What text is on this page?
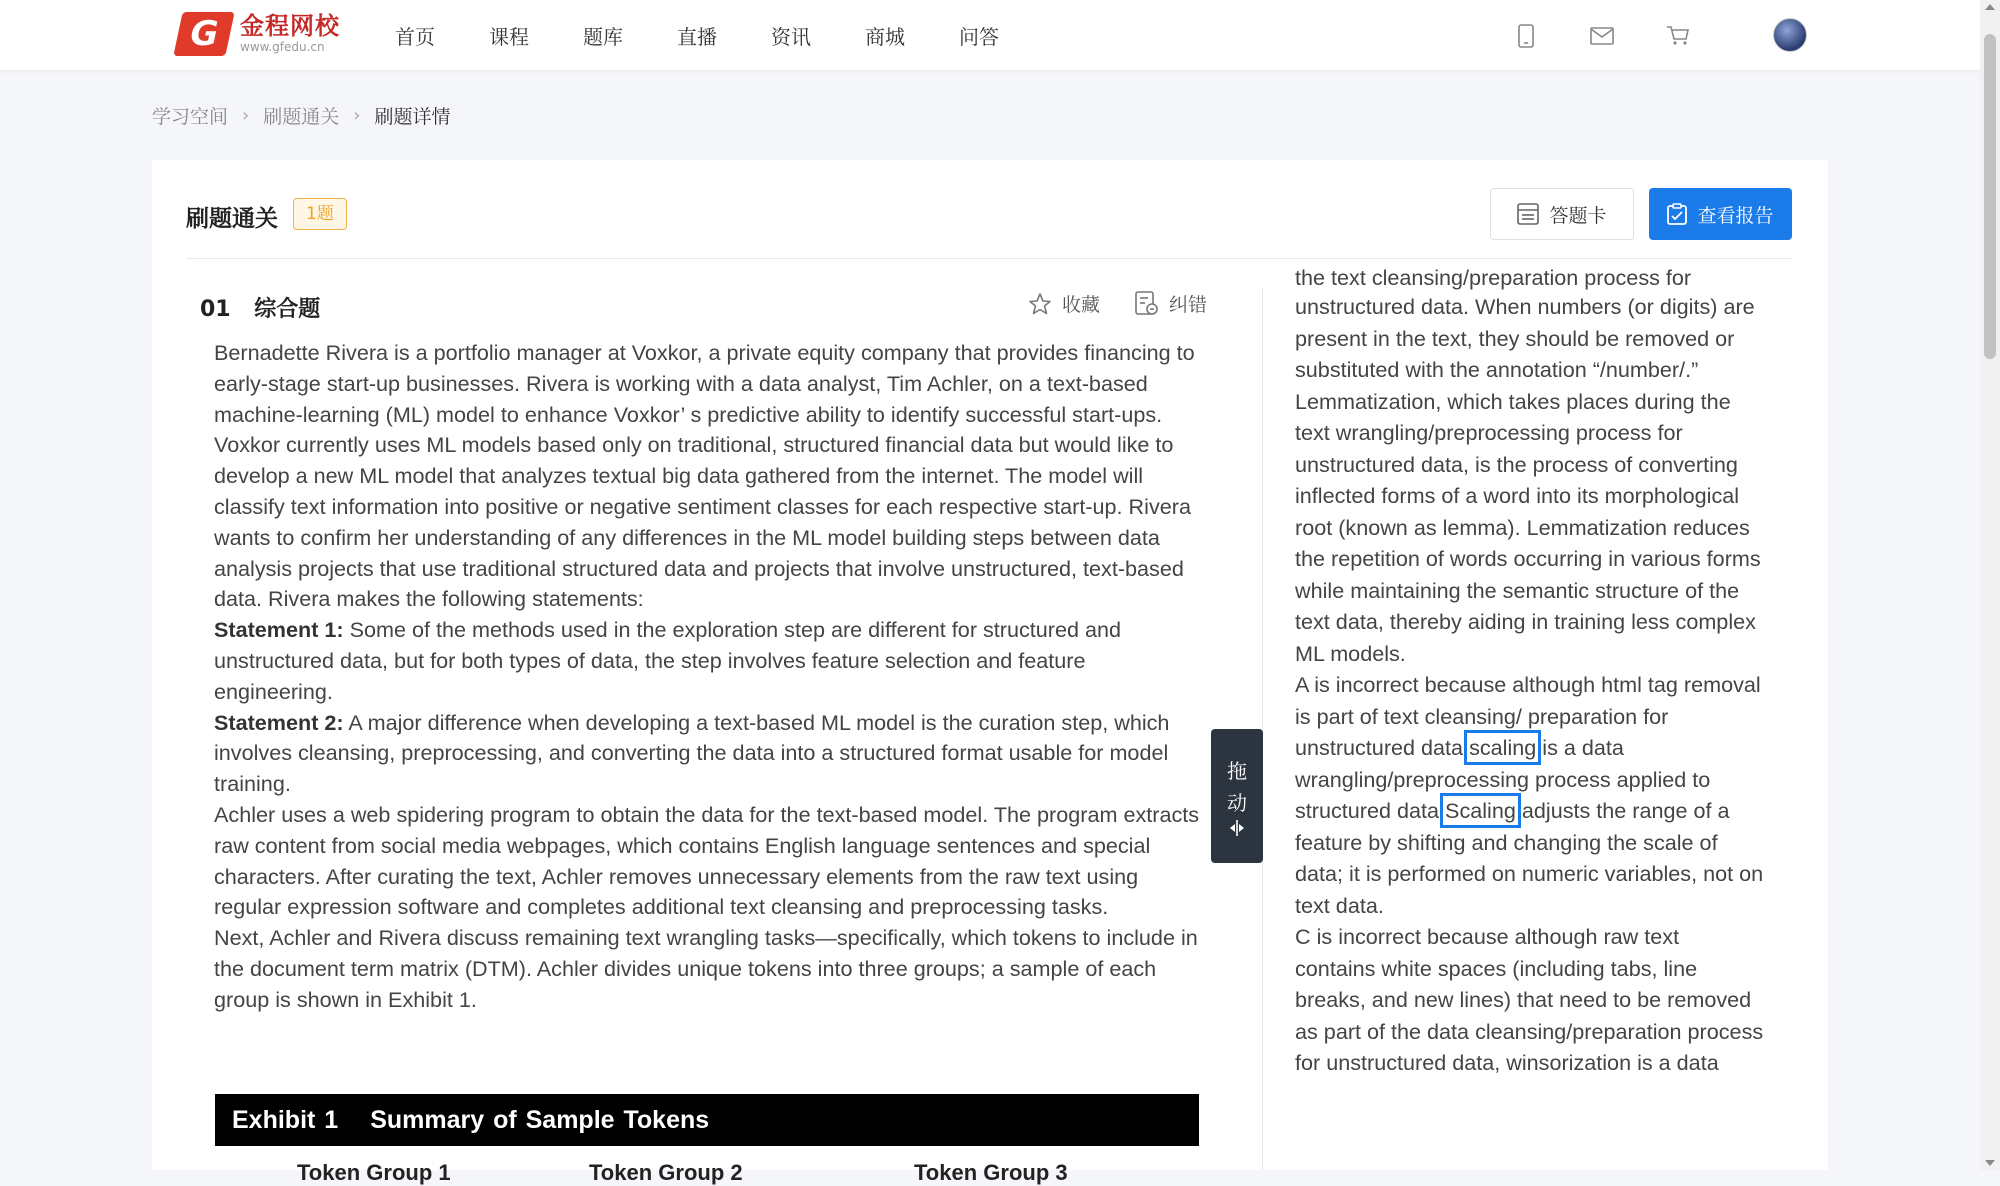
G 金程网校
www.gfedu.cn	首页	课程	题库	直播	资讯	商城	问答
学习空间 › 刷题通关 › 刷题详情
刷题通关	1题	答题卡	查看报告
01 综合题	收藏	纠错

Bernadette Rivera is a portfolio manager at Voxkor, a private equity company that provides financing to early-stage start-up businesses. Rivera is working with a data analyst, Tim Achler, on a text-based machine-learning (ML) model to enhance Voxkor’ s predictive ability to identify successful start-ups.

Voxkor currently uses ML models based only on traditional, structured financial data but would like to develop a new ML model that analyzes textual big data gathered from the internet. The model will classify text information into positive or negative sentiment classes for each respective start-up. Rivera wants to confirm her understanding of any differences in the ML model building steps between data analysis projects that use traditional structured data and projects that involve unstructured, text-based data. Rivera makes the following statements:

Statement 1: Some of the methods used in the exploration step are different for structured and unstructured data, but for both types of data, the step involves feature selection and feature engineering.

Statement 2: A major difference when developing a text-based ML model is the curation step, which involves cleansing, preprocessing, and converting the data into a structured format usable for model training.

Achler uses a web spidering program to obtain the data for the text-based model. The program extracts raw content from social media webpages, which contains English language sentences and special characters. After curating the text, Achler removes unnecessary elements from the raw text using regular expression software and completes additional text cleansing and preprocessing tasks.

Next, Achler and Rivera discuss remaining text wrangling tasks—specifically, which tokens to include in the document term matrix (DTM). Achler divides unique tokens into three groups; a sample of each group is shown in Exhibit 1.

Exhibit 1 Summary of Sample Tokens
Token Group 1	Token Group 2	Token Group 3
拖
动
the text cleansing/preparation process for
unstructured data. When numbers (or digits) are present in the text, they should be removed or substituted with the annotation “/number/.” Lemmatization, which takes places during the text wrangling/preprocessing process for unstructured data, is the process of converting inflected forms of a word into its morphological root (known as lemma). Lemmatization reduces the repetition of words occurring in various forms while maintaining the semantic structure of the text data, thereby aiding in training less complex ML models.
A is incorrect because although html tag removal is part of text cleansing/ preparation for unstructured data,scaling is a data wrangling/preprocessing process applied to structured data.Scaling adjusts the range of a feature by shifting and changing the scale of data; it is performed on numeric variables, not on text data.
C is incorrect because although raw text contains white spaces (including tabs, line breaks, and new lines) that need to be removed as part of the data cleansing/preparation process for unstructured data, winsorization is a data
